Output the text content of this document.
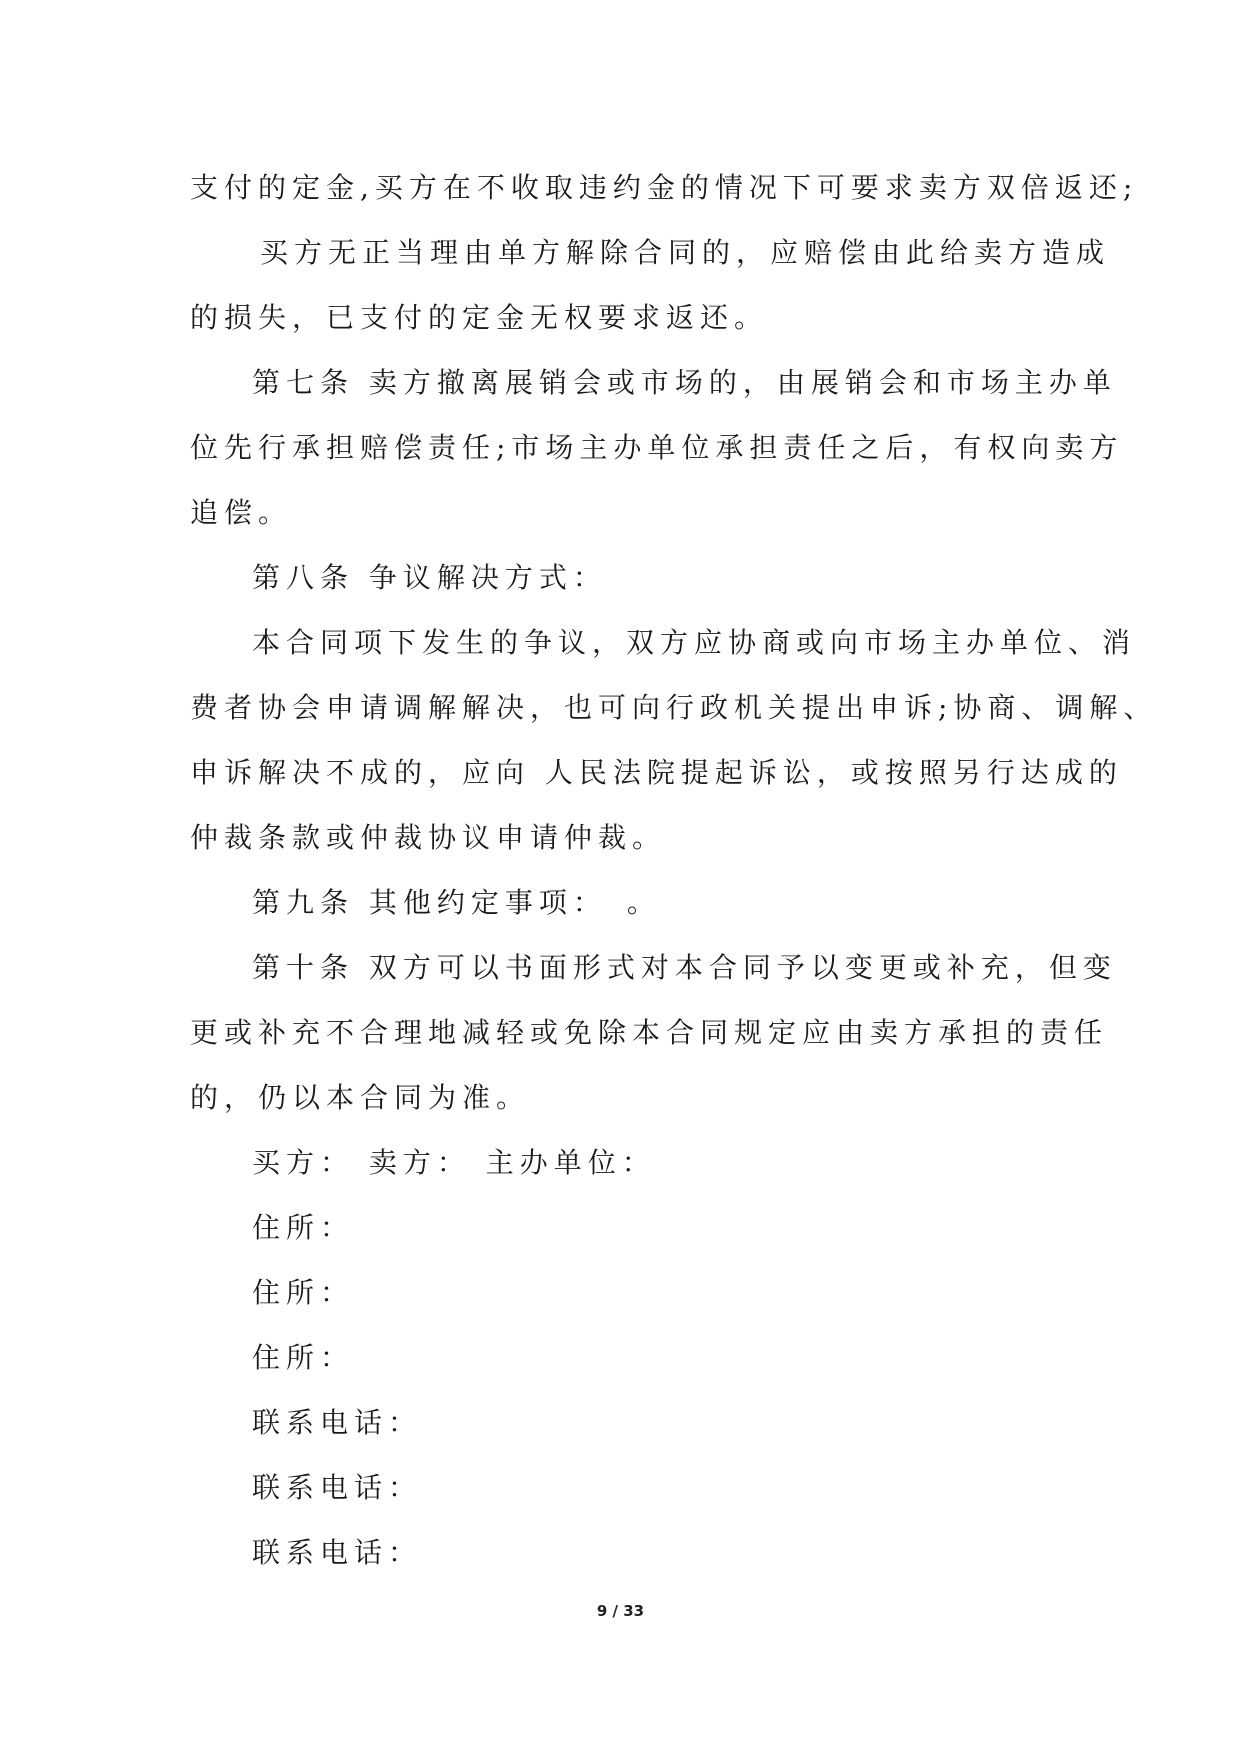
支付的定金,买方在不收取违约金的情况下可要求卖方双倍返还;
买方无正当理由单方解除合同的，应赔偿由此给卖方造成
的损失，已支付的定金无权要求返还。
第七条 卖方撤离展销会或市场的，由展销会和市场主办单
位先行承担赔偿责任;市场主办单位承担责任之后，有权向卖方
追偿。
第八条 争议解决方式：
本合同项下发生的争议，双方应协商或向市场主办单位、消
费者协会申请调解解决，也可向行政机关提出申诉;协商、调解、
申诉解决不成的，应向 人民法院提起诉讼，或按照另行达成的
仲裁条款或仲裁协议申请仲裁。
第九条 其他约定事项：　。
第十条 双方可以书面形式对本合同予以变更或补充，但变
更或补充不合理地减轻或免除本合同规定应由卖方承担的责任
的，仍以本合同为准。
买方： 卖方： 主办单位：
住所：
住所：
住所：
联系电话：
联系电话：
联系电话：
9 / 33
